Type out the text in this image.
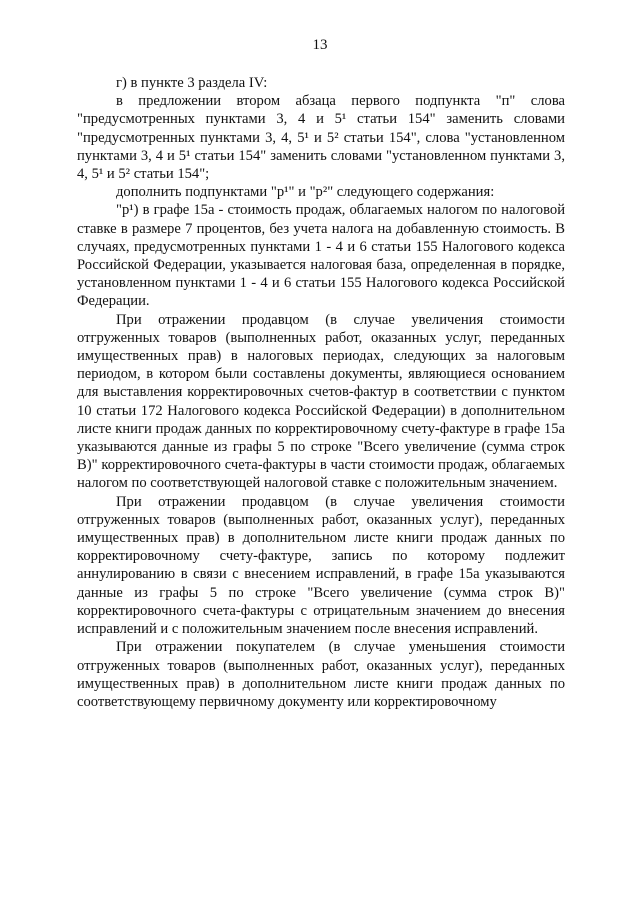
13

г) в пункте 3 раздела IV:

в предложении втором абзаца первого подпункта "п" слова "предусмотренных пунктами 3, 4 и 5¹ статьи 154" заменить словами "предусмотренных пунктами 3, 4, 5¹ и 5² статьи 154", слова "установленном пунктами 3, 4 и 5¹ статьи 154" заменить словами "установленном пунктами 3, 4, 5¹ и 5² статьи 154";

дополнить подпунктами "р¹" и "р²" следующего содержания:

"р¹) в графе 15а - стоимость продаж, облагаемых налогом по налоговой ставке в размере 7 процентов, без учета налога на добавленную стоимость. В случаях, предусмотренных пунктами 1 - 4 и 6 статьи 155 Налогового кодекса Российской Федерации, указывается налоговая база, определенная в порядке, установленном пунктами 1 - 4 и 6 статьи 155 Налогового кодекса Российской Федерации.

При отражении продавцом (в случае увеличения стоимости отгруженных товаров (выполненных работ, оказанных услуг, переданных имущественных прав) в налоговых периодах, следующих за налоговым периодом, в котором были составлены документы, являющиеся основанием для выставления корректировочных счетов-фактур в соответствии с пунктом 10 статьи 172 Налогового кодекса Российской Федерации) в дополнительном листе книги продаж данных по корректировочному счету-фактуре в графе 15а указываются данные из графы 5 по строке "Всего увеличение (сумма строк В)" корректировочного счета-фактуры в части стоимости продаж, облагаемых налогом по соответствующей налоговой ставке с положительным значением.

При отражении продавцом (в случае увеличения стоимости отгруженных товаров (выполненных работ, оказанных услуг), переданных имущественных прав) в дополнительном листе книги продаж данных по корректировочному счету-фактуре, запись по которому подлежит аннулированию в связи с внесением исправлений, в графе 15а указываются данные из графы 5 по строке "Всего увеличение (сумма строк В)" корректировочного счета-фактуры с отрицательным значением до внесения исправлений и с положительным значением после внесения исправлений.

При отражении покупателем (в случае уменьшения стоимости отгруженных товаров (выполненных работ, оказанных услуг), переданных имущественных прав) в дополнительном листе книги продаж данных по соответствующему первичному документу или корректировочному
